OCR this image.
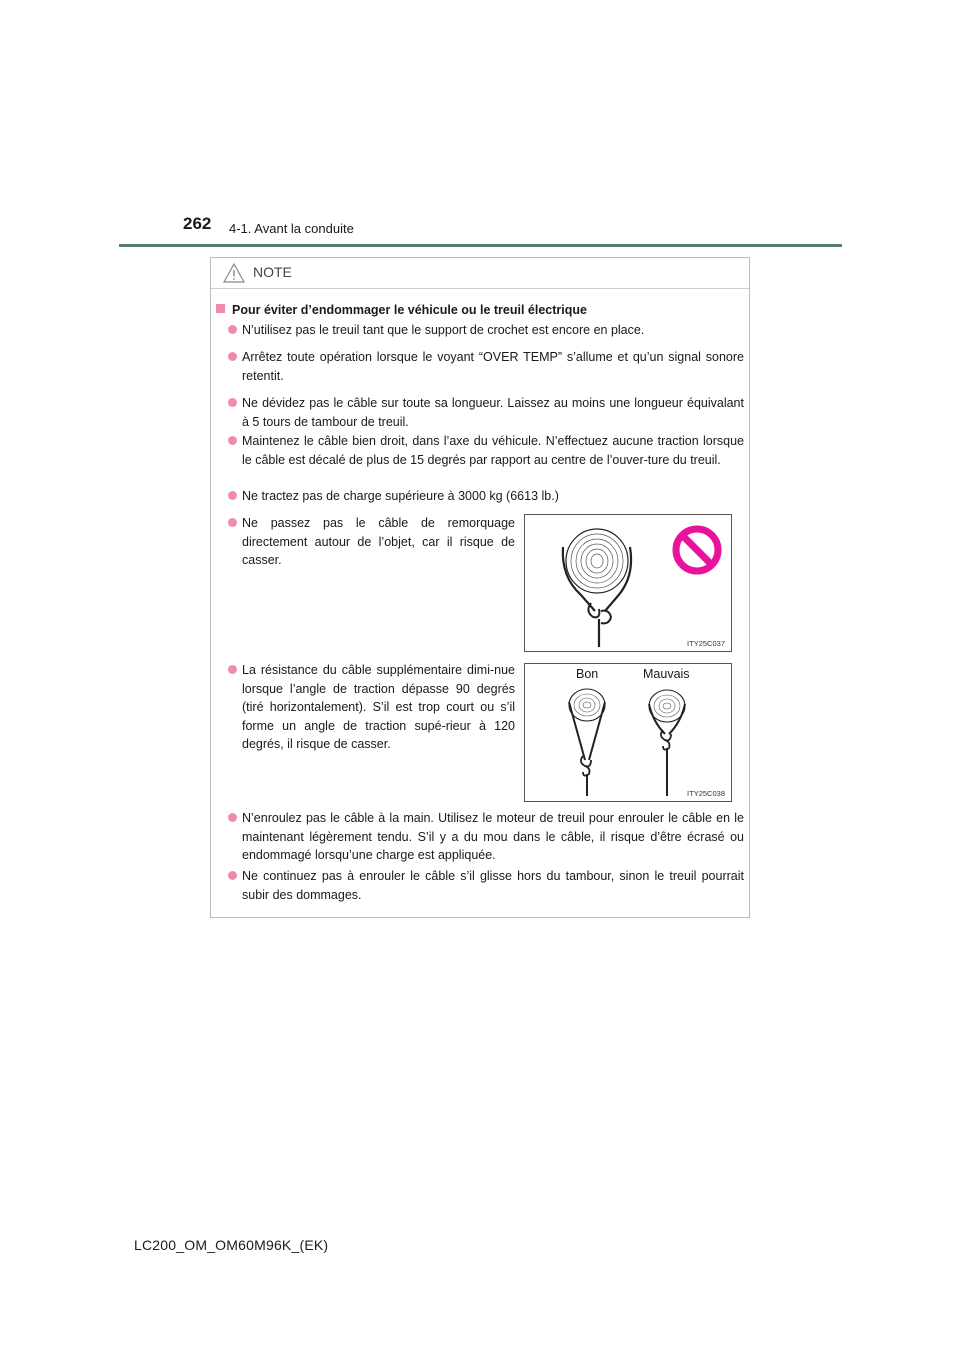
262 4-1. Avant la conduite
NOTE
Pour éviter d’endommager le véhicule ou le treuil électrique
N’utilisez pas le treuil tant que le support de crochet est encore en place.
Arrêtez toute opération lorsque le voyant “OVER TEMP” s’allume et qu’un signal sonore retentit.
Ne dévidez pas le câble sur toute sa longueur. Laissez au moins une longueur équivalant à 5 tours de tambour de treuil.
Maintenez le câble bien droit, dans l’axe du véhicule. N’effectuez aucune traction lorsque le câble est décalé de plus de 15 degrés par rapport au centre de l’ouver-ture du treuil.
Ne tractez pas de charge supérieure à 3000 kg (6613 lb.)
Ne passez pas le câble de remorquage directement autour de l’objet, car il risque de casser.
La résistance du câble supplémentaire dimi-nue lorsque l’angle de traction dépasse 90 degrés (tiré horizontalement). S’il est trop court ou s’il forme un angle de traction supé-rieur à 120 degrés, il risque de casser.
N’enroulez pas le câble à la main. Utilisez le moteur de treuil pour enrouler le câble en le maintenant légèrement tendu. S’il y a du mou dans le câble, il risque d’être écrasé ou endommagé lorsqu’une charge est appliquée.
Ne continuez pas à enrouler le câble s’il glisse hors du tambour, sinon le treuil pourrait subir des dommages.
ITY25C037
Bon	Mauvais
ITY25C038
LC200_OM_OM60M96K_(EK)
